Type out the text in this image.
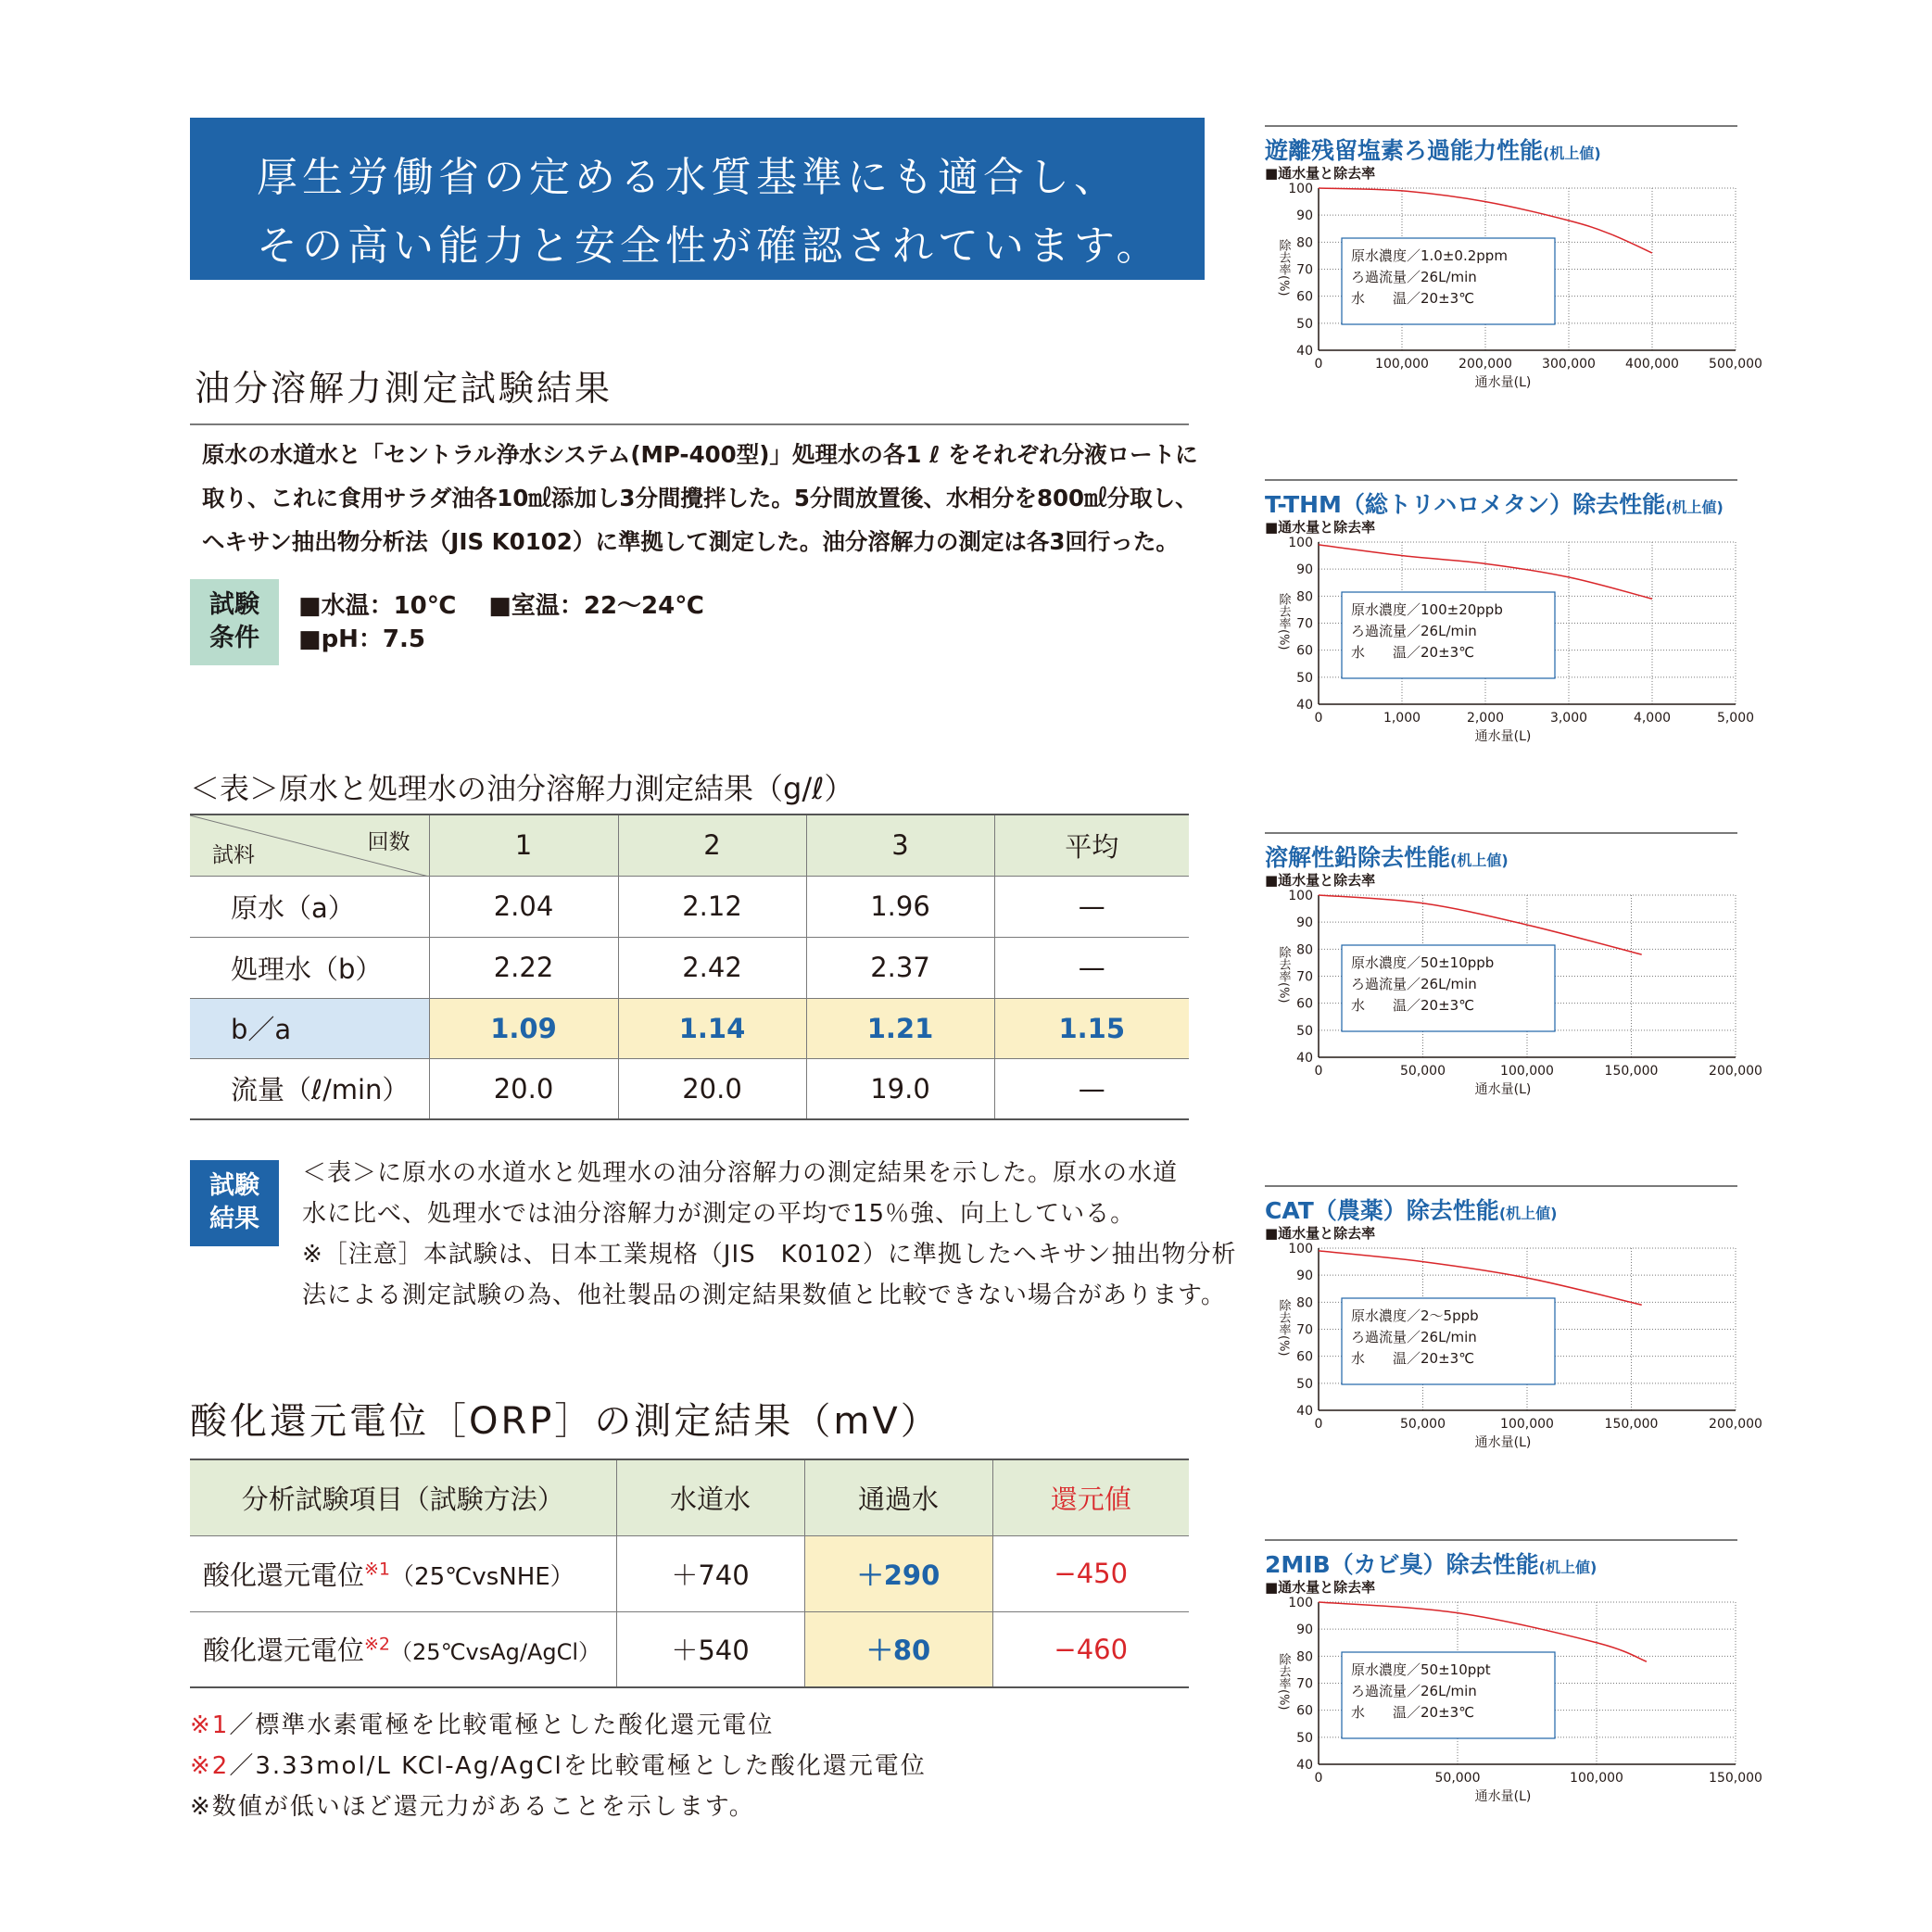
厚生労働省の定める水質基準にも適合し、
その高い能力と安全性が確認されています。
油分溶解力測定試験結果
原水の水道水と「セントラル浄水システム(MP-400型)」処理水の各1 ℓ をそれぞれ分液ロートに
取り、これに食用サラダ油各10㎖添加し3分間攪拌した。5分間放置後、水相分を800㎖分取し、
ヘキサン抽出物分析法（JIS K0102）に準拠して測定した。油分溶解力の測定は各3回行った。
試験
条件
■水温：10℃　 ■室温：22〜24℃
■pH：7.5
＜表＞原水と処理水の油分溶解力測定結果（g/ℓ）
回数
試料	1	2	3	平均
原水（a）	2.04	2.12	1.96	—
処理水（b）	2.22	2.42	2.37	—
b／a	1.09	1.14	1.21	1.15
流量（ℓ/min）	20.0	20.0	19.0	—
試験
結果
＜表＞に原水の水道水と処理水の油分溶解力の測定結果を示した。原水の水道
水に比べ、処理水では油分溶解力が測定の平均で15％強、向上している。
※［注意］本試験は、日本工業規格（JIS　K0102）に準拠したヘキサン抽出物分析
法による測定試験の為、他社製品の測定結果数値と比較できない場合があります。
酸化還元電位［ORP］の測定結果（mV）
分析試験項目（試験方法）	水道水	通過水	還元値
酸化還元電位$^{※1}$（25℃vsNHE）	＋740	＋290	−450
酸化還元電位$^{※2}$（25℃vsAg/AgCl）	＋540	＋80	−460
※1／標準水素電極を比較電極とした酸化還元電位
※2／3.33mol/L KCl-Ag/AgClを比較電極とした酸化還元電位
※数値が低いほど還元力があることを示します。
遊離残留塩素ろ過能力性能(机上値)
■通水量と除去率
40
50
60
70
80
90
100
0	100,000 200,000 300,000 400,000 500,000
除去率(%)
通水量(L)
原水濃度／1.0±0.2ppm
ろ過流量／26L/min
水　　温／20±3℃
T-THM（総トリハロメタン）除去性能(机上値)
■通水量と除去率
40
50
60
70
80
90
100
0	1,000	2,000	3,000	4,000	5,000
除去率(%)
通水量(L)
原水濃度／100±20ppb
ろ過流量／26L/min
水　　温／20±3℃
溶解性鉛除去性能(机上値)
■通水量と除去率
40
50
60
70
80
90
100
0	50,000	100,000	150,000	200,000
除去率(%)
通水量(L)
原水濃度／50±10ppb
ろ過流量／26L/min
水　　温／20±3℃
CAT（農薬）除去性能(机上値)
■通水量と除去率
40
50
60
70
80
90
100
0	50,000	100,000	150,000	200,000
除去率(%)
通水量(L)
原水濃度／2〜5ppb
ろ過流量／26L/min
水　　温／20±3℃
2MIB（カビ臭）除去性能(机上値)
■通水量と除去率
40
50
60
70
80
90
100
0	50,000	100,000	150,000
除去率(%)
通水量(L)
原水濃度／50±10ppt
ろ過流量／26L/min
水　　温／20±3℃
